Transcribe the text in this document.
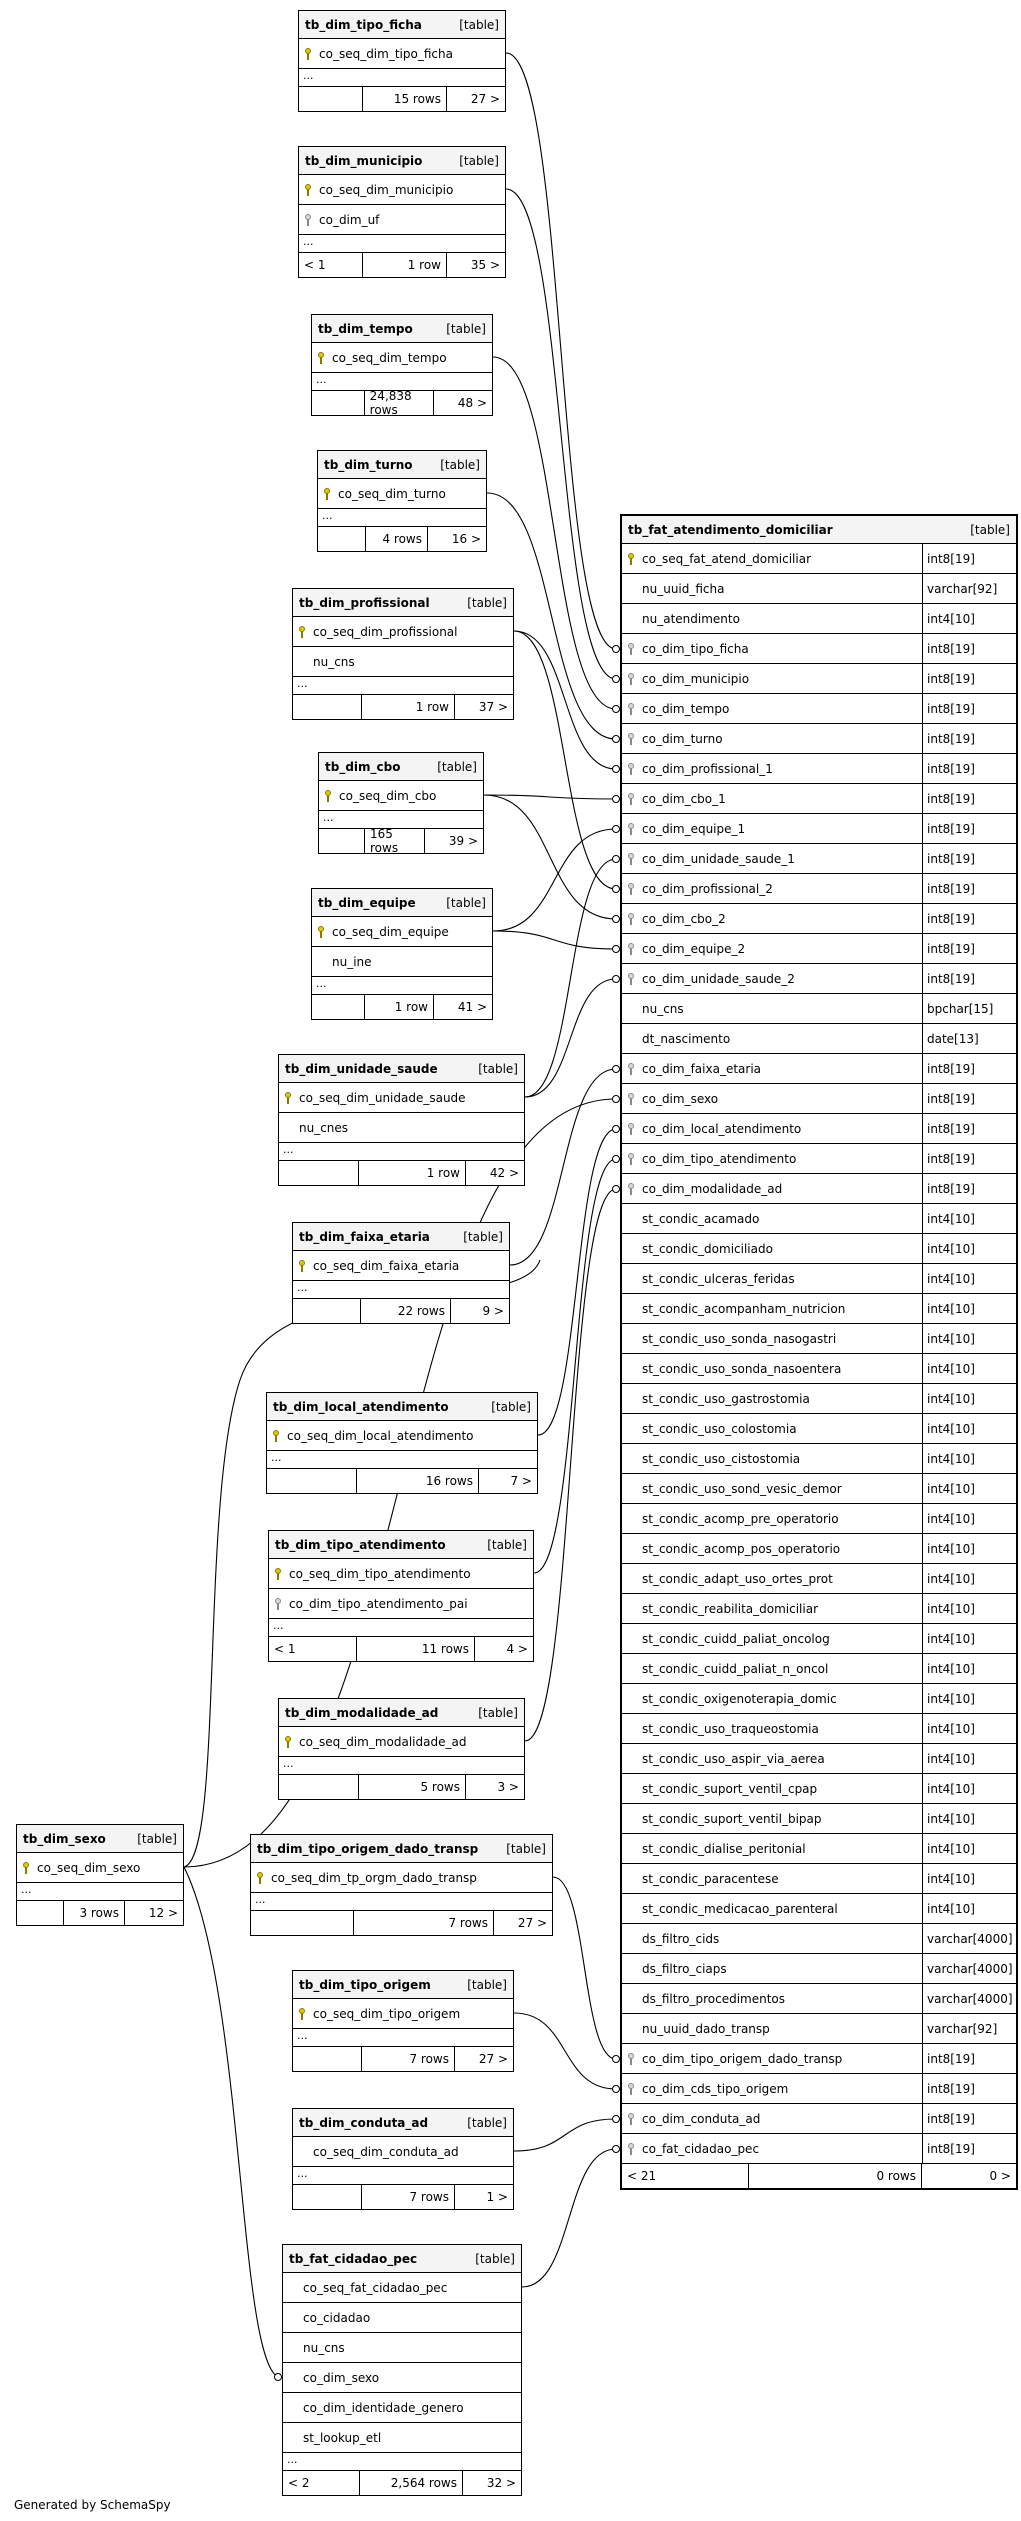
tb_dim_tipo_ficha	[table]
co_seq_dim_tipo_ficha
...
15 rows	27 >
tb_dim_municipio	[table]
co_seq_dim_municipio
co_dim_uf
...
< 1	1 row	35 >
tb_dim_tempo	[table]
co_seq_dim_tempo
...
24,838 rows	48 >
tb_dim_turno [table]
co_seq_dim_turno
...
4 rows	16 >
tb_dim_profissional	[table]
co_seq_dim_profissional
nu_cns
...
1 row	37 >
tb_dim_cbo	[table]
co_seq_dim_cbo
...
165 rows	39 >
tb_dim_equipe	[table]
co_seq_dim_equipe
nu_ine
...
1 row	41 >
tb_dim_unidade_saude	[table]
co_seq_dim_unidade_saude
nu_cnes
...
1 row	42 >
tb_dim_faixa_etaria	[table]
co_seq_dim_faixa_etaria
...
22 rows	9 >
tb_dim_local_atendimento	[table]
co_seq_dim_local_atendimento
...
16 rows	7 >
tb_dim_tipo_atendimento	[table]
co_seq_dim_tipo_atendimento
co_dim_tipo_atendimento_pai
...
< 1	11 rows	4 >
tb_dim_modalidade_ad	[table]
co_seq_dim_modalidade_ad
...
5 rows	3 >
tb_dim_sexo	[table]
co_seq_dim_sexo
...
3 rows	12 >
tb_dim_tipo_origem_dado_transp [table]
co_seq_dim_tp_orgm_dado_transp
...
7 rows	27 >
tb_dim_tipo_origem	[table]
co_seq_dim_tipo_origem
...
7 rows	27 >
tb_dim_conduta_ad	[table]
co_seq_dim_conduta_ad
...
7 rows	1 >
tb_fat_cidadao_pec	[table]
co_seq_fat_cidadao_pec
co_cidadao
nu_cns
co_dim_sexo
co_dim_identidade_genero
st_lookup_etl
...
< 2	2,564 rows	32 >
tb_fat_atendimento_domiciliar	[table]
co_seq_fat_atend_domiciliar	int8[19]
nu_uuid_ficha	varchar[92]
nu_atendimento	int4[10]
co_dim_tipo_ficha	int8[19]
co_dim_municipio	int8[19]
co_dim_tempo	int8[19]
co_dim_turno	int8[19]
co_dim_profissional_1	int8[19]
co_dim_cbo_1	int8[19]
co_dim_equipe_1	int8[19]
co_dim_unidade_saude_1	int8[19]
co_dim_profissional_2	int8[19]
co_dim_cbo_2	int8[19]
co_dim_equipe_2	int8[19]
co_dim_unidade_saude_2	int8[19]
nu_cns	bpchar[15]
dt_nascimento	date[13]
co_dim_faixa_etaria	int8[19]
co_dim_sexo	int8[19]
co_dim_local_atendimento	int8[19]
co_dim_tipo_atendimento	int8[19]
co_dim_modalidade_ad	int8[19]
st_condic_acamado	int4[10]
st_condic_domiciliado	int4[10]
st_condic_ulceras_feridas	int4[10]
st_condic_acompanham_nutricion	int4[10]
st_condic_uso_sonda_nasogastri	int4[10]
st_condic_uso_sonda_nasoentera	int4[10]
st_condic_uso_gastrostomia	int4[10]
st_condic_uso_colostomia	int4[10]
st_condic_uso_cistostomia	int4[10]
st_condic_uso_sond_vesic_demor	int4[10]
st_condic_acomp_pre_operatorio	int4[10]
st_condic_acomp_pos_operatorio	int4[10]
st_condic_adapt_uso_ortes_prot	int4[10]
st_condic_reabilita_domiciliar	int4[10]
st_condic_cuidd_paliat_oncolog	int4[10]
st_condic_cuidd_paliat_n_oncol	int4[10]
st_condic_oxigenoterapia_domic	int4[10]
st_condic_uso_traqueostomia	int4[10]
st_condic_uso_aspir_via_aerea	int4[10]
st_condic_suport_ventil_cpap	int4[10]
st_condic_suport_ventil_bipap	int4[10]
st_condic_dialise_peritonial	int4[10]
st_condic_paracentese	int4[10]
st_condic_medicacao_parenteral	int4[10]
ds_filtro_cids	varchar[4000]
ds_filtro_ciaps	varchar[4000]
ds_filtro_procedimentos	varchar[4000]
nu_uuid_dado_transp	varchar[92]
co_dim_tipo_origem_dado_transp	int8[19]
co_dim_cds_tipo_origem	int8[19]
co_dim_conduta_ad	int8[19]
co_fat_cidadao_pec	int8[19]
< 21	0 rows	0 >
Generated by SchemaSpy
